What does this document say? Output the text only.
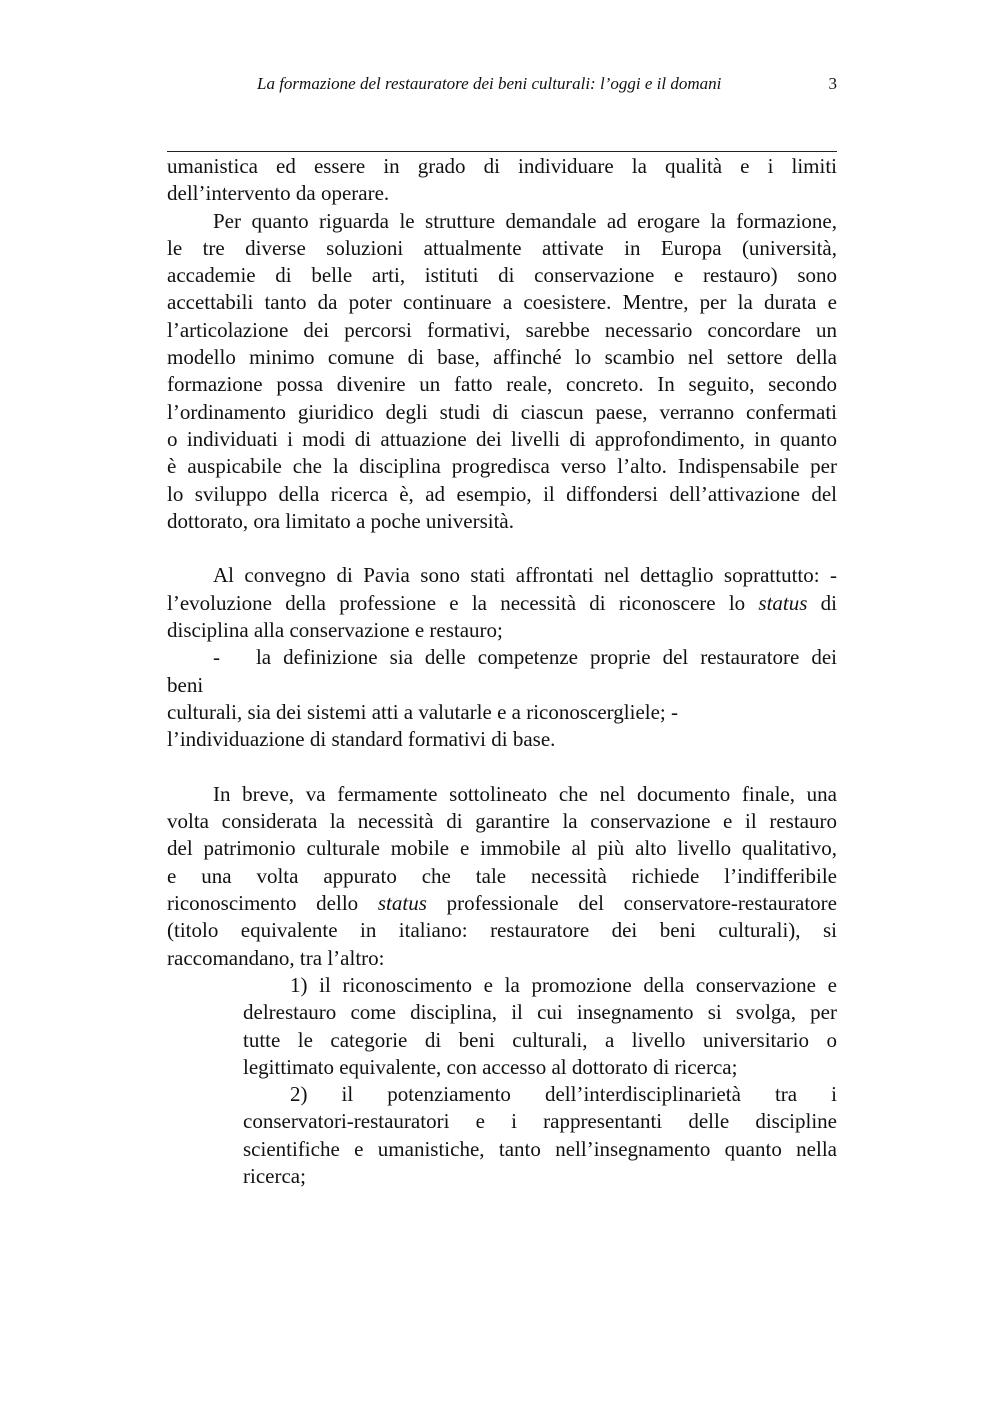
La formazione del restauratore dei beni culturali: l’oggi e il domani	3
umanistica ed essere in grado di individuare la qualità e i limiti
dell’intervento da operare.
Per quanto riguarda le strutture demandale ad erogare la formazione,
le tre diverse soluzioni attualmente attivate in Europa (università,
accademie di belle arti, istituti di conservazione e restauro) sono
accettabili tanto da poter continuare a coesistere. Mentre, per la durata e
l’articolazione dei percorsi formativi, sarebbe necessario concordare un
modello minimo comune di base, affinché lo scambio nel settore della
formazione possa divenire un fatto reale, concreto. In seguito, secondo
l’ordinamento giuridico degli studi di ciascun paese, verranno confermati
o individuati i modi di attuazione dei livelli di approfondimento, in quanto
è auspicabile che la disciplina progredisca verso l’alto. Indispensabile per
lo sviluppo della ricerca è, ad esempio, il diffondersi dell’attivazione del
dottorato, ora limitato a poche università.
Al convegno di Pavia sono stati affrontati nel dettaglio soprattutto: -
l’evoluzione della professione e la necessità di riconoscere lo status di
disciplina alla conservazione e restauro;
-   la definizione sia delle competenze proprie del restauratore dei
beni
culturali, sia dei sistemi atti a valutarle e a riconoscergliele; -
l’individuazione di standard formativi di base.
In breve, va fermamente sottolineato che nel documento finale, una
volta considerata la necessità di garantire la conservazione e il restauro
del patrimonio culturale mobile e immobile al più alto livello qualitativo,
e una volta appurato che tale necessità richiede l’indifferibile
riconoscimento dello status professionale del conservatore-restauratore
(titolo equivalente in italiano: restauratore dei beni culturali), si
raccomandano, tra l’altro:
1) il riconoscimento e la promozione della conservazione e
delrestauro come disciplina, il cui insegnamento si svolga, per
tutte le categorie di beni culturali, a livello universitario o
legittimato equivalente, con accesso al dottorato di ricerca;
2) il potenziamento dell’interdisciplinarietà tra i
conservatori-restauratori e i rappresentanti delle discipline
scientifiche e umanistiche, tanto nell’insegnamento quanto nella
ricerca;
